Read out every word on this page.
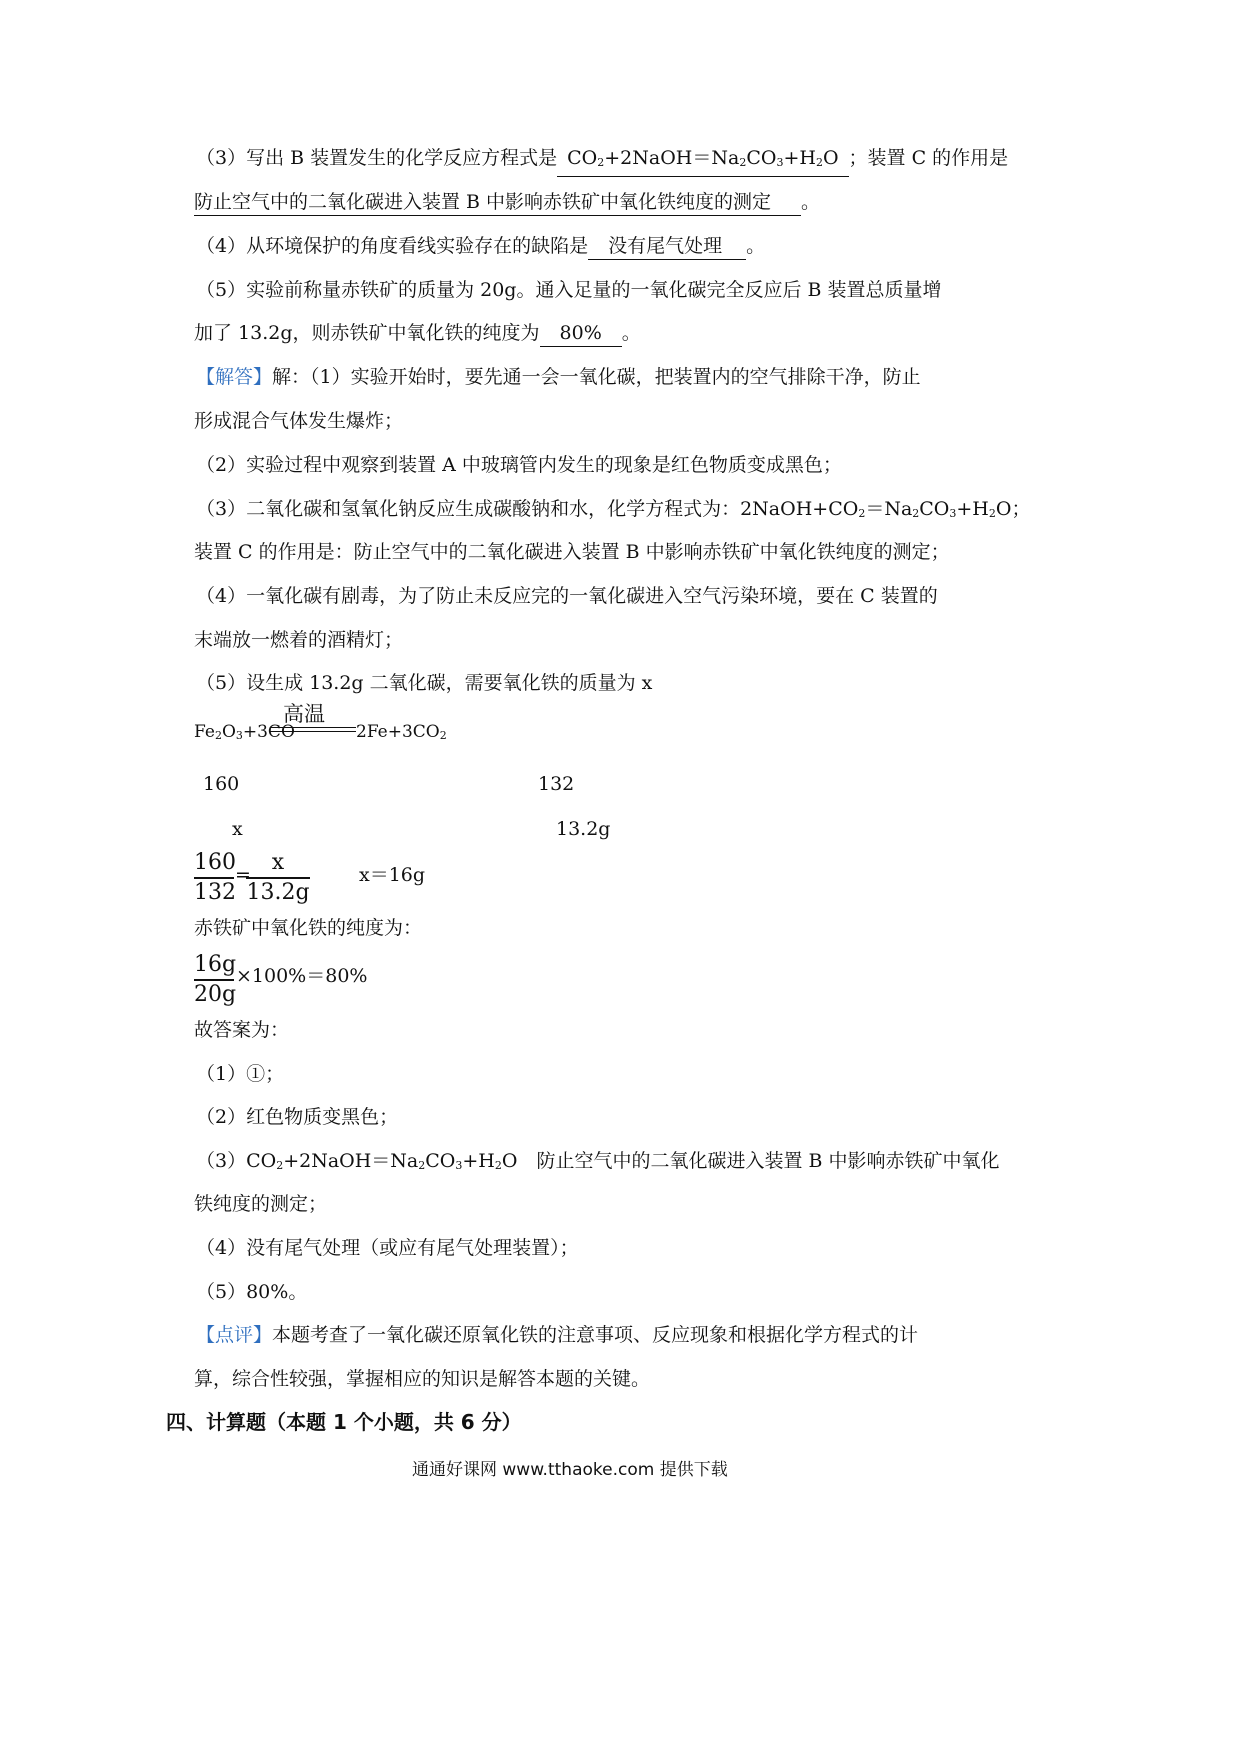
（3）写出 B 装置发生的化学反应方程式是 $CO_2+2NaOH=Na_2CO_3+H_2O$ ；装置 C 的作用是
防止空气中的二氧化碳进入装置 B 中影响赤铁矿中氧化铁纯度的测定 。
（4）从环境保护的角度看线实验存在的缺陷是 没有尾气处理 。
（5）实验前称量赤铁矿的质量为 20g。通入足量的一氧化碳完全反应后 B 装置总质量增
加了 13.2g，则赤铁矿中氧化铁的纯度为 80% 。
【解答】解：（1）实验开始时，要先通一会一氧化碳，把装置内的空气排除干净，防止
形成混合气体发生爆炸；
（2）实验过程中观察到装置 A 中玻璃管内发生的现象是红色物质变成黑色；
（3）二氧化碳和氢氧化钠反应生成碳酸钠和水，化学方程式为：$2NaOH+CO_2=Na_2CO_3+H_2O$；
装置 C 的作用是：防止空气中的二氧化碳进入装置 B 中影响赤铁矿中氧化铁纯度的测定；
（4）一氧化碳有剧毒，为了防止未反应完的一氧化碳进入空气污染环境，要在 C 装置的
末端放一燃着的酒精灯；
（5）设生成 13.2g 二氧化碳，需要氧化铁的质量为 x
高温
$Fe_2O_3+3CO$	$2Fe+3CO_2$
160	132
x	13.2g
160
132
= x
13.2g
x＝16g
赤铁矿中氧化铁的纯度为：
16g
20g
×100%＝80%
故答案为：
（1）①；
（2）红色物质变黑色；
$(3)CO_2+2NaOH=Na_2CO_3+H_2O$　防止空气中的二氧化碳进入装置 B 中影响赤铁矿中氧化
铁纯度的测定；
（4）没有尾气处理（或应有尾气处理装置）；
（5）80%。
【点评】本题考查了一氧化碳还原氧化铁的注意事项、反应现象和根据化学方程式的计
算，综合性较强，掌握相应的知识是解答本题的关键。
四、计算题（本题 1 个小题，共 6 分）
通通好课网 www.tthaoke.com 提供下载
